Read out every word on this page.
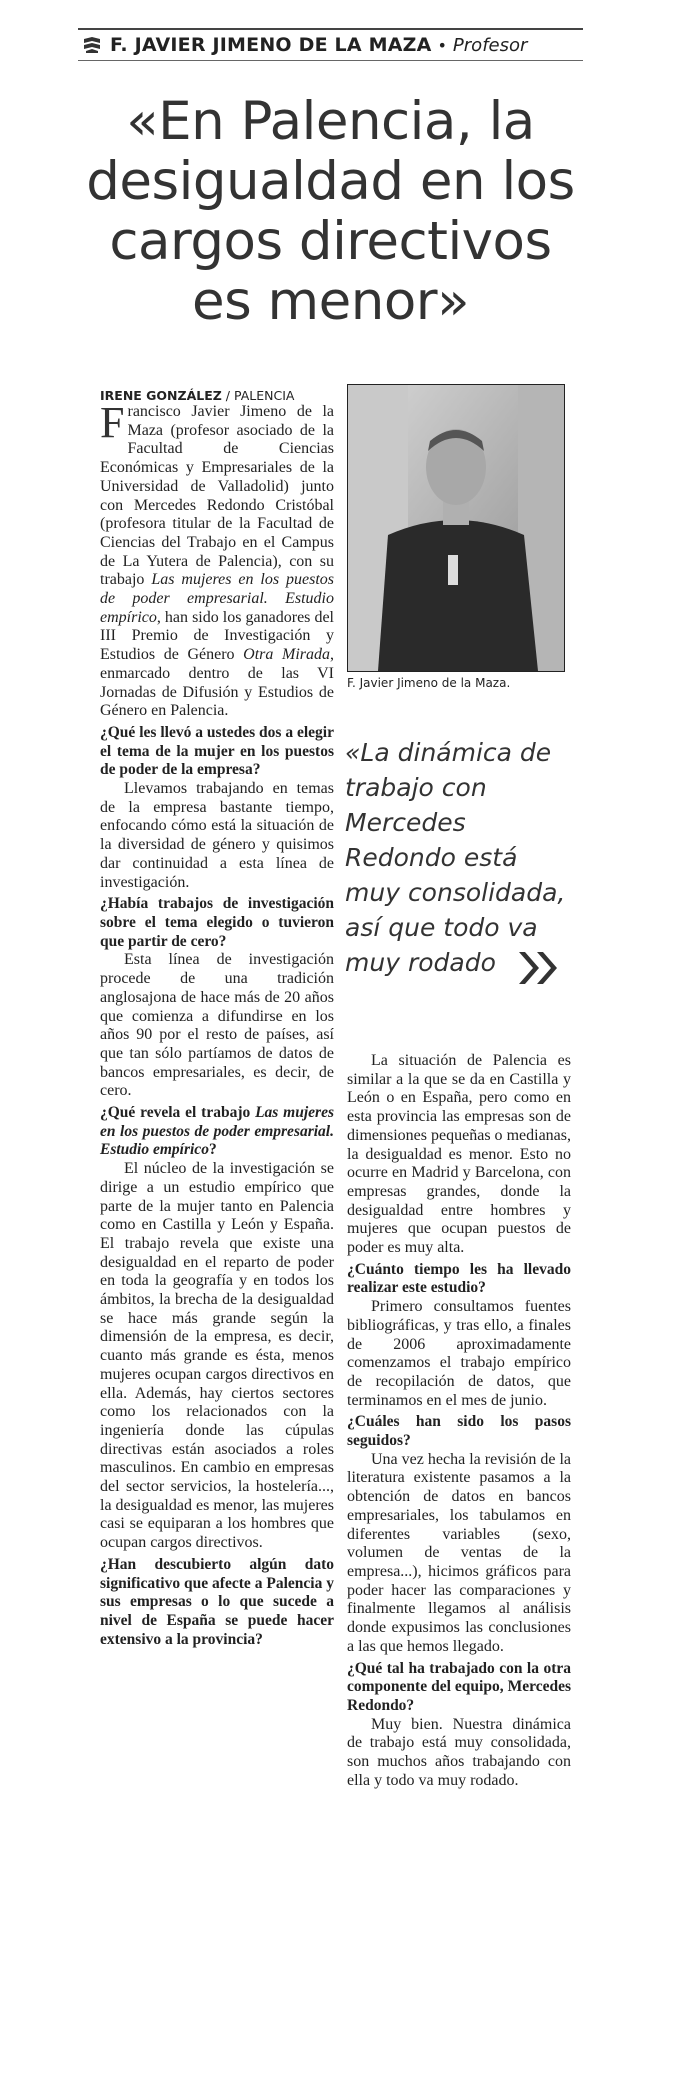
F. JAVIER JIMENO DE LA MAZA • Profesor
«En Palencia, la
desigualdad en los
cargos directivos
es menor»
IRENE GONZÁLEZ / PALENCIA

Francisco Javier Jimeno de la Maza (profesor asociado de la Facultad de Ciencias Económicas y Empresariales de la Universidad de Valladolid) junto con Mercedes Redondo Cristóbal (profesora titular de la Facultad de Ciencias del Trabajo en el Campus de La Yutera de Palencia), con su trabajo Las mujeres en los puestos de poder empresarial. Estudio empírico, han sido los ganadores del III Premio de Investigación y Estudios de Género Otra Mirada, enmarcado dentro de las VI Jornadas de Difusión y Estudios de Género en Palencia.

¿Qué les llevó a ustedes dos a elegir el tema de la mujer en los puestos de poder de la empresa?

Llevamos trabajando en temas de la empresa bastante tiempo, enfocando cómo está la situación de la diversidad de género y quisimos dar continuidad a esta línea de investigación.

¿Había trabajos de investigación sobre el tema elegido o tuvieron que partir de cero?

Esta línea de investigación procede de una tradición anglosajona de hace más de 20 años que comienza a difundirse en los años 90 por el resto de países, así que tan sólo partíamos de datos de bancos empresariales, es decir, de cero.

¿Qué revela el trabajo Las mujeres en los puestos de poder empresarial. Estudio empírico?

El núcleo de la investigación se dirige a un estudio empírico que parte de la mujer tanto en Palencia como en Castilla y León y España. El trabajo revela que existe una desigualdad en el reparto de poder en toda la geografía y en todos los ámbitos, la brecha de la desigualdad se hace más grande según la dimensión de la empresa, es decir, cuanto más grande es ésta, menos mujeres ocupan cargos directivos en ella. Además, hay ciertos sectores como los relacionados con la ingeniería donde las cúpulas directivas están asociados a roles masculinos. En cambio en empresas del sector servicios, la hostelería..., la desigualdad es menor, las mujeres casi se equiparan a los hombres que ocupan cargos directivos.

¿Han descubierto algún dato significativo que afecte a Palencia y sus empresas o lo que sucede a nivel de España se puede hacer extensivo a la provincia?

F. Javier Jimeno de la Maza.
«La dinámica de trabajo con Mercedes Redondo está muy consolidada, así que todo va muy rodado

La situación de Palencia es similar a la que se da en Castilla y León o en España, pero como en esta provincia las empresas son de dimensiones pequeñas o medianas, la desigualdad es menor. Esto no ocurre en Madrid y Barcelona, con empresas grandes, donde la desigualdad entre hombres y mujeres que ocupan puestos de poder es muy alta.

¿Cuánto tiempo les ha llevado realizar este estudio?

Primero consultamos fuentes bibliográficas, y tras ello, a finales de 2006 aproximadamente comenzamos el trabajo empírico de recopilación de datos, que terminamos en el mes de junio.

¿Cuáles han sido los pasos seguidos?

Una vez hecha la revisión de la literatura existente pasamos a la obtención de datos en bancos empresariales, los tabulamos en diferentes variables (sexo, volumen de ventas de la empresa...), hicimos gráficos para poder hacer las comparaciones y finalmente llegamos al análisis donde expusimos las conclusiones a las que hemos llegado.

¿Qué tal ha trabajado con la otra componente del equipo, Mercedes Redondo?

Muy bien. Nuestra dinámica de trabajo está muy consolidada, son muchos años trabajando con ella y todo va muy rodado.
